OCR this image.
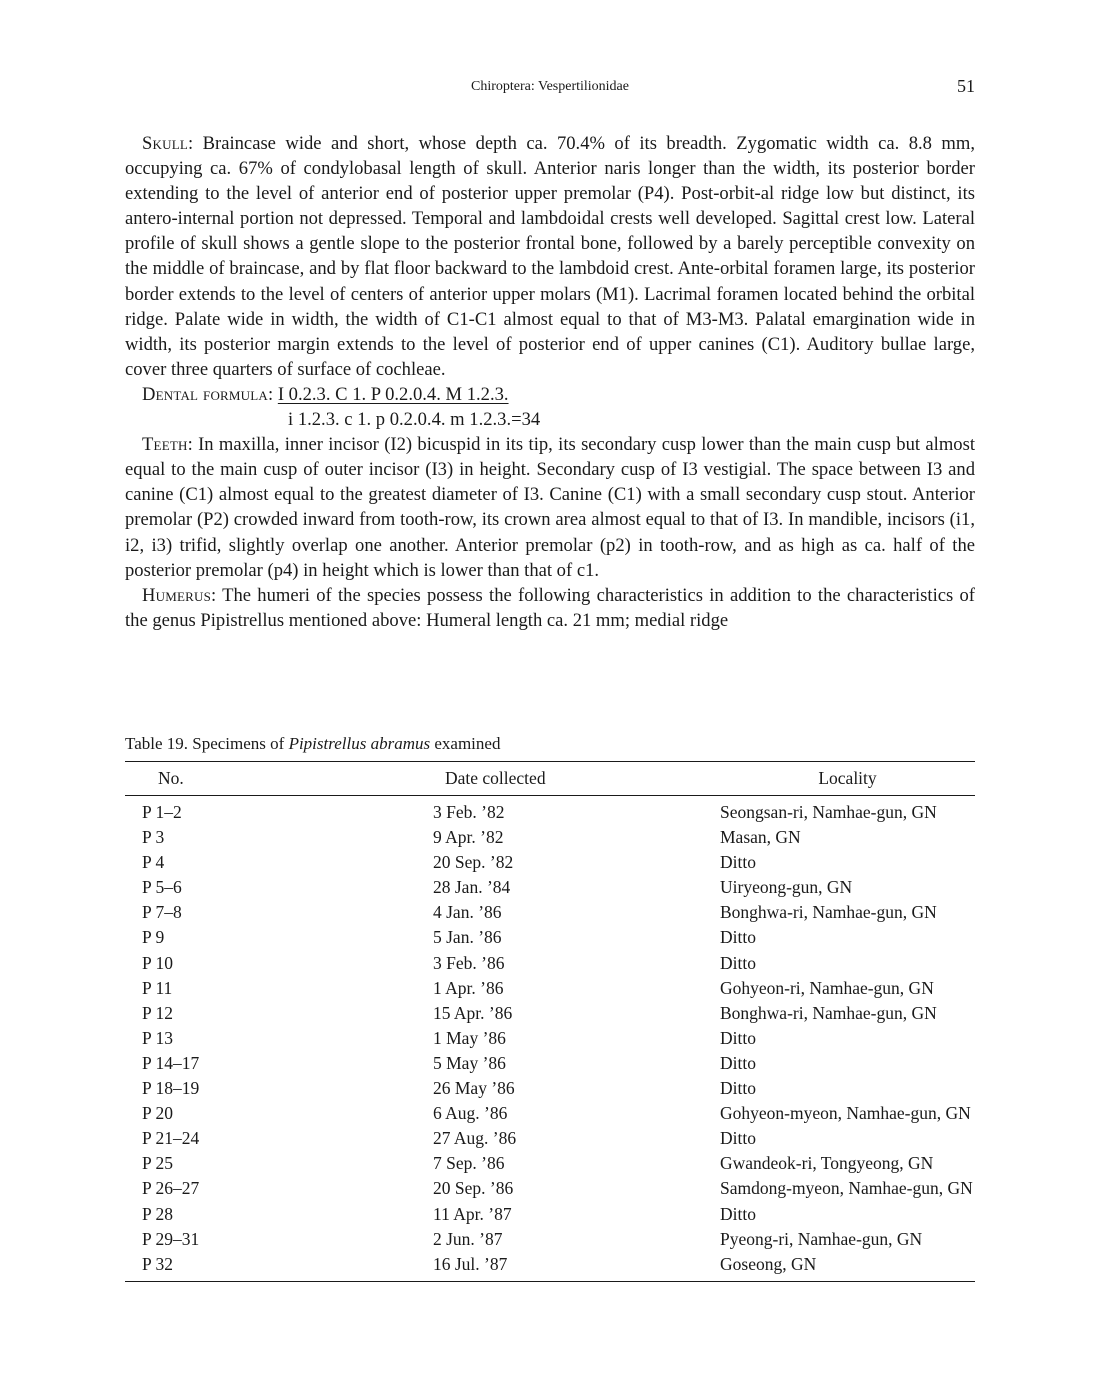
Chiroptera: Vespertilionidae	51

Skull: Braincase wide and short, whose depth ca. 70.4% of its breadth. Zygomatic width ca. 8.8 mm, occupying ca. 67% of condylobasal length of skull. Anterior naris longer than the width, its posterior border extending to the level of anterior end of posterior upper premolar (P4). Post-orbit-al ridge low but distinct, its antero-internal portion not depressed. Temporal and lambdoidal crests well developed. Sagittal crest low. Lateral profile of skull shows a gentle slope to the posterior frontal bone, followed by a barely perceptible convexity on the middle of braincase, and by flat floor backward to the lambdoid crest. Ante-orbital foramen large, its posterior border extends to the level of centers of anterior upper molars (M1). Lacrimal foramen located behind the orbital ridge. Palate wide in width, the width of C1-C1 almost equal to that of M3-M3. Palatal emargination wide in width, its posterior margin extends to the level of posterior end of upper canines (C1). Auditory bullae large, cover three quarters of surface of cochleae.

Dental formula: I 0.2.3. C 1. P 0.2.0.4. M 1.2.3.

i 1.2.3. c 1. p 0.2.0.4. m 1.2.3.=34

Teeth: In maxilla, inner incisor (I2) bicuspid in its tip, its secondary cusp lower than the main cusp but almost equal to the main cusp of outer incisor (I3) in height. Secondary cusp of I3 vestigial. The space between I3 and canine (C1) almost equal to the greatest diameter of I3. Canine (C1) with a small secondary cusp stout. Anterior premolar (P2) crowded inward from tooth-row, its crown area almost equal to that of I3. In mandible, incisors (i1, i2, i3) trifid, slightly overlap one another. Anterior premolar (p2) in tooth-row, and as high as ca. half of the posterior premolar (p4) in height which is lower than that of c1.

Humerus: The humeri of the species possess the following characteristics in addition to the characteristics of the genus Pipistrellus mentioned above: Humeral length ca. 21 mm; medial ridge

Table 19. Specimens of Pipistrellus abramus examined
No.	Date collected	Locality
P 1–2	3 Feb. ’82	Seongsan-ri, Namhae-gun, GN
P 3	9 Apr. ’82	Masan, GN
P 4	20 Sep. ’82	Ditto
P 5–6	28 Jan. ’84	Uiryeong-gun, GN
P 7–8	4 Jan. ’86	Bonghwa-ri, Namhae-gun, GN
P 9	5 Jan. ’86	Ditto
P 10	3 Feb. ’86	Ditto
P 11	1 Apr. ’86	Gohyeon-ri, Namhae-gun, GN
P 12	15 Apr. ’86	Bonghwa-ri, Namhae-gun, GN
P 13	1 May ’86	Ditto
P 14–17	5 May ’86	Ditto
P 18–19	26 May ’86	Ditto
P 20	6 Aug. ’86	Gohyeon-myeon, Namhae-gun, GN
P 21–24	27 Aug. ’86	Ditto
P 25	7 Sep. ’86	Gwandeok-ri, Tongyeong, GN
P 26–27	20 Sep. ’86	Samdong-myeon, Namhae-gun, GN
P 28	11 Apr. ’87	Ditto
P 29–31	2 Jun. ’87	Pyeong-ri, Namhae-gun, GN
P 32	16 Jul. ’87	Goseong, GN
